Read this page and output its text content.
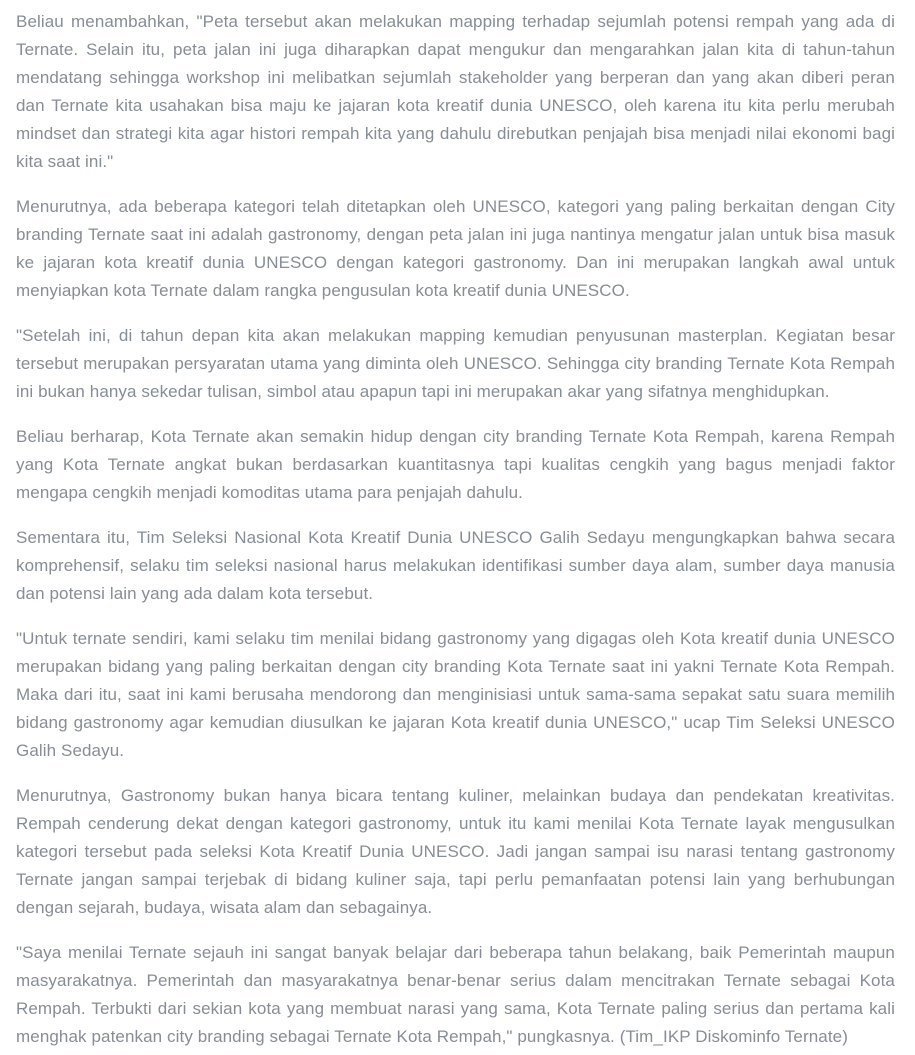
Beliau menambahkan, "Peta tersebut akan melakukan mapping terhadap sejumlah potensi rempah yang ada di Ternate. Selain itu, peta jalan ini juga diharapkan dapat mengukur dan mengarahkan jalan kita di tahun-tahun mendatang sehingga workshop ini melibatkan sejumlah stakeholder yang berperan dan yang akan diberi peran dan Ternate kita usahakan bisa maju ke jajaran kota kreatif dunia UNESCO, oleh karena itu kita perlu merubah mindset dan strategi kita agar histori rempah kita yang dahulu direbutkan penjajah bisa menjadi nilai ekonomi bagi kita saat ini."

Menurutnya, ada beberapa kategori telah ditetapkan oleh UNESCO, kategori yang paling berkaitan dengan City branding Ternate saat ini adalah gastronomy, dengan peta jalan ini juga nantinya mengatur jalan untuk bisa masuk ke jajaran kota kreatif dunia UNESCO dengan kategori gastronomy. Dan ini merupakan langkah awal untuk menyiapkan kota Ternate dalam rangka pengusulan kota kreatif dunia UNESCO.

"Setelah ini, di tahun depan kita akan melakukan mapping kemudian penyusunan masterplan. Kegiatan besar tersebut merupakan persyaratan utama yang diminta oleh UNESCO. Sehingga city branding Ternate Kota Rempah ini bukan hanya sekedar tulisan, simbol atau apapun tapi ini merupakan akar yang sifatnya menghidupkan.

Beliau berharap, Kota Ternate akan semakin hidup dengan city branding Ternate Kota Rempah, karena Rempah yang Kota Ternate angkat bukan berdasarkan kuantitasnya tapi kualitas cengkih yang bagus menjadi faktor mengapa cengkih menjadi komoditas utama para penjajah dahulu.

Sementara itu, Tim Seleksi Nasional Kota Kreatif Dunia UNESCO Galih Sedayu mengungkapkan bahwa secara komprehensif, selaku tim seleksi nasional harus melakukan identifikasi sumber daya alam, sumber daya manusia dan potensi lain yang ada dalam kota tersebut.

"Untuk ternate sendiri, kami selaku tim menilai bidang gastronomy yang digagas oleh Kota kreatif dunia UNESCO merupakan bidang yang paling berkaitan dengan city branding Kota Ternate saat ini yakni Ternate Kota Rempah. Maka dari itu, saat ini kami berusaha mendorong dan menginisiasi untuk sama-sama sepakat satu suara memilih bidang gastronomy agar kemudian diusulkan ke jajaran Kota kreatif dunia UNESCO," ucap Tim Seleksi UNESCO Galih Sedayu.

Menurutnya, Gastronomy bukan hanya bicara tentang kuliner, melainkan budaya dan pendekatan kreativitas. Rempah cenderung dekat dengan kategori gastronomy, untuk itu kami menilai Kota Ternate layak mengusulkan kategori tersebut pada seleksi Kota Kreatif Dunia UNESCO. Jadi jangan sampai isu narasi tentang gastronomy Ternate jangan sampai terjebak di bidang kuliner saja, tapi perlu pemanfaatan potensi lain yang berhubungan dengan sejarah, budaya, wisata alam dan sebagainya.

"Saya menilai Ternate sejauh ini sangat banyak belajar dari beberapa tahun belakang, baik Pemerintah maupun masyarakatnya. Pemerintah dan masyarakatnya benar-benar serius dalam mencitrakan Ternate sebagai Kota Rempah. Terbukti dari sekian kota yang membuat narasi yang sama, Kota Ternate paling serius dan pertama kali menghak patenkan city branding sebagai Ternate Kota Rempah," pungkasnya. (Tim_IKP Diskominfo Ternate)
